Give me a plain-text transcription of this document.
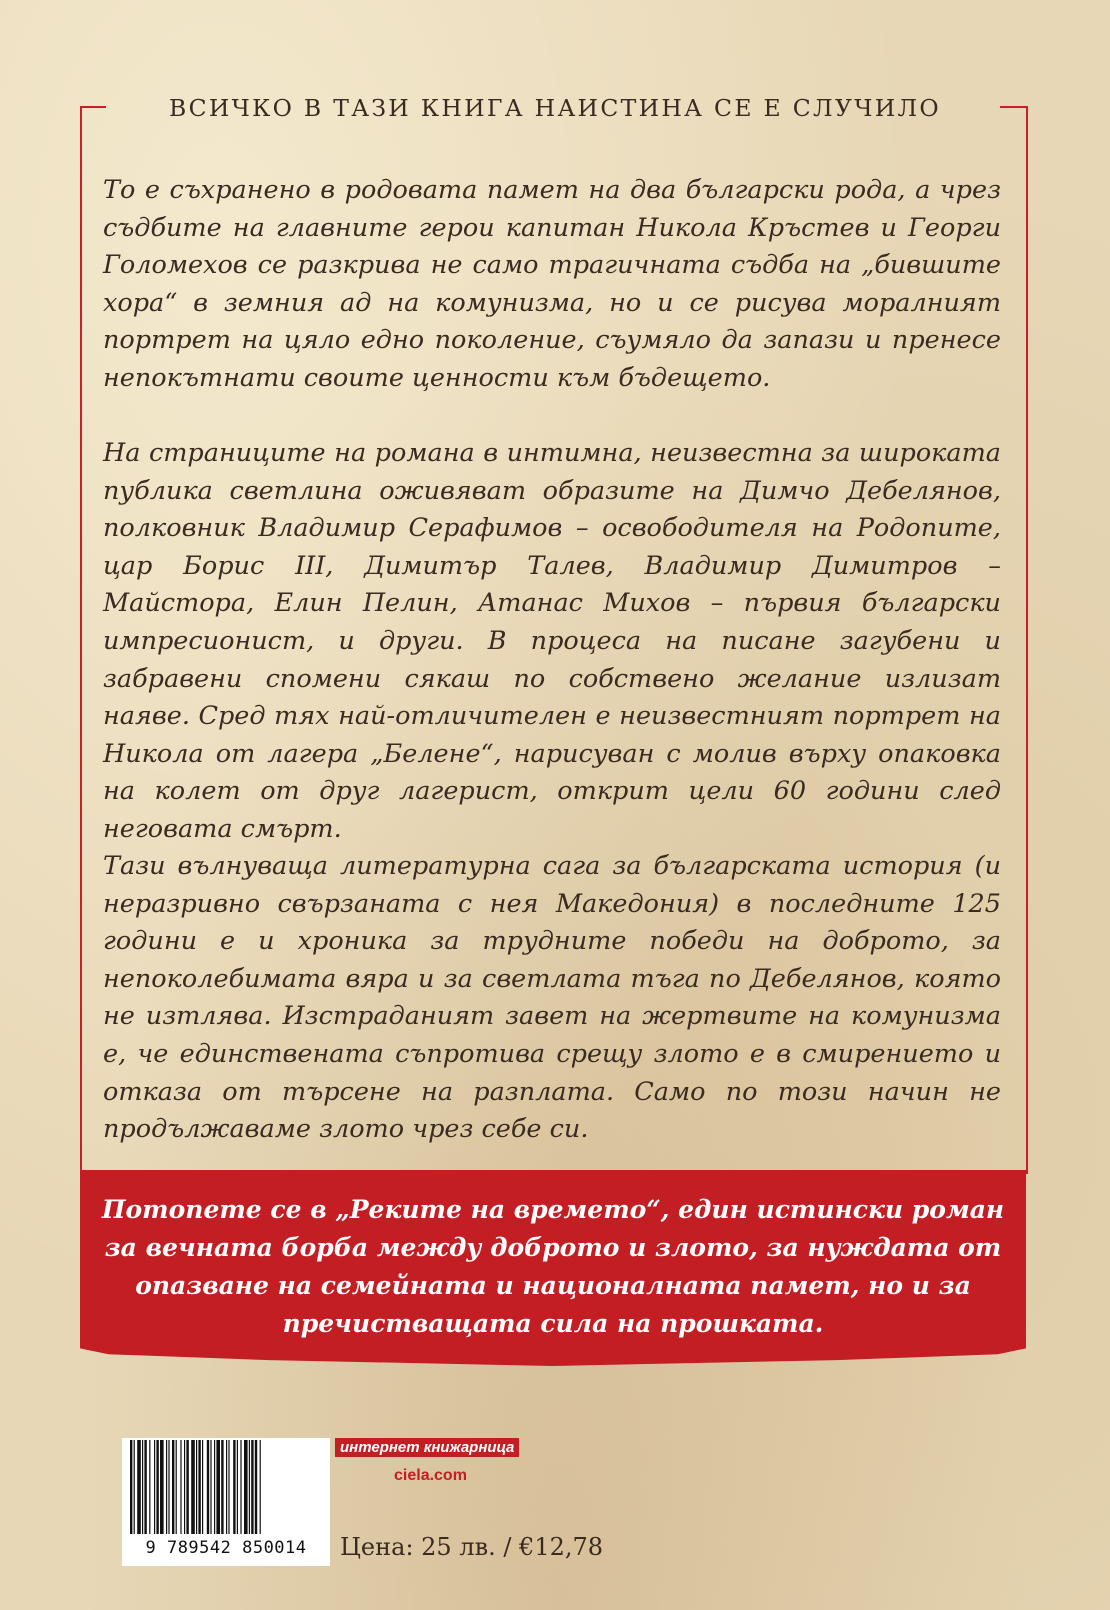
ВСИЧКО В ТАЗИ КНИГА НАИСТИНА СЕ Е СЛУЧИЛО

То е съхранено в родовата памет на два български рода, а чрез съдбите на главните герои капитан Никола Кръстев и Георги Голомехов се разкрива не само трагичната съдба на „бившите хора“ в земния ад на комунизма, но и се рисува моралният портрет на цяло едно поколение, съумяло да запази и пренесе непокътнати своите ценности към бъдещето.

На страниците на романа в интимна, неизвестна за широката публика светлина оживяват образите на Димчо Дебелянов, полковник Владимир Серафимов – освободителя на Родопите, цар Борис III, Димитър Талев, Владимир Димитров – Майстора, Елин Пелин, Атанас Михов – първия български импресионист, и други. В процеса на писане загубени и забравени спомени сякаш по собствено желание излизат наяве. Сред тях най-отличителен е неизвестният портрет на Никола от лагера „Белене“, нарисуван с молив върху опаковка на колет от друг лагерист, открит цели 60 години след неговата смърт.

Тази вълнуваща литературна сага за българската история (и неразривно свързаната с нея Македония) в последните 125 години е и хроника за трудните победи на доброто, за непоколебимата вяра и за светлата тъга по Дебелянов, която не изтлява. Изстраданият завет на жертвите на комунизма е, че единствената съпротива срещу злото е в смирението и отказа от търсене на разплата. Само по този начин не продължаваме злото чрез себе си.

Потопете се в „Реките на времето“, един истински роман за вечната борба между доброто и злото, за нуждата от опазване на семейната и националната памет, но и за пречистващата сила на прошката.

9 789542 850014
интернет книжарница
ciela.com
Цена: 25 лв. / €12,78
